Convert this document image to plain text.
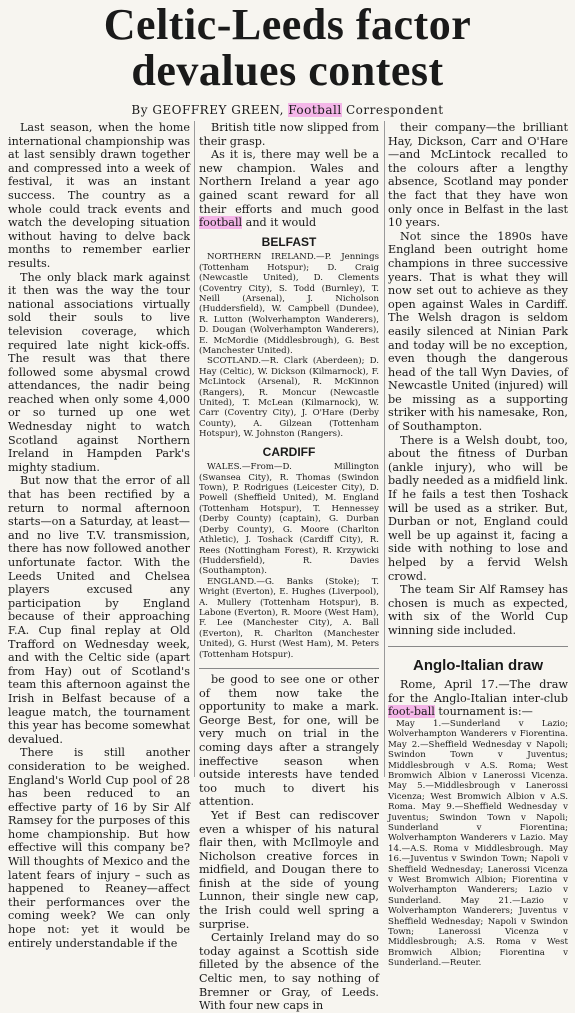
Celtic-Leeds factor
devalues contest
By GEOFFREY GREEN, Football Correspondent

Last season, when the home international championship was at last sensibly drawn together and compressed into a week of festival, it was an instant success. The country as a whole could track events and watch the developing situation without having to delve back months to remember earlier results.

The only black mark against it then was the way the tour national associations virtually sold their souls to live television coverage, which required late night kick-offs. The result was that there followed some abysmal crowd attendances, the nadir being reached when only some 4,000 or so turned up one wet Wednesday night to watch Scotland against Northern Ireland in Hampden Park's mighty stadium.

But now that the error of all that has been rectified by a return to normal afternoon starts—on a Saturday, at least—and no live T.V. transmission, there has now followed another unfortunate factor. With the Leeds United and Chelsea players excused any participation by England because of their approaching F.A. Cup final replay at Old Trafford on Wednesday week, and with the Celtic side (apart from Hay) out of Scotland's team this afternoon against the Irish in Belfast because of a league match, the tournament this year has become somewhat devalued.

There is still another consideration to be weighed. England's World Cup pool of 28 has been reduced to an effective party of 16 by Sir Alf Ramsey for the purposes of this home championship. But how effective will this company be? Will thoughts of Mexico and the latent fears of injury – such as happened to Reaney—affect their performances over the coming week? We can only hope not: yet it would be entirely understandable if the

British title now slipped from their grasp.

As it is, there may well be a new champion. Wales and Northern Ireland a year ago gained scant reward for all their efforts and much good football and it would

BELFAST

NORTHERN IRELAND.—P. Jennings (Tottenham Hotspur); D. Craig (Newcastle United), D. Clements (Coventry City), S. Todd (Burnley), T. Neill (Arsenal), J. Nicholson (Huddersfield), W. Campbell (Dundee), R. Lutton (Wolverhampton Wanderers), D. Dougan (Wolverhampton Wanderers), E. McMordie (Middlesbrough), G. Best (Manchester United).

SCOTLAND.—R. Clark (Aberdeen); D. Hay (Celtic), W. Dickson (Kilmarnock), F. McLintock (Arsenal), R. McKinnon (Rangers), R. Moncur (Newcastle United), T. McLean (Kilmarnock), W. Carr (Coventry City), J. O'Hare (Derby County), A. Gilzean (Tottenham Hotspur), W. Johnston (Rangers).

CARDIFF

WALES.—From—D. Millington (Swansea City), R. Thomas (Swindon Town), P. Rodrigues (Leicester City), D. Powell (Sheffield United), M. England (Tottenham Hotspur), T. Hennessey (Derby County) (captain), G. Durban (Derby County), G. Moore (Charlton Athletic), J. Toshack (Cardiff City), R. Rees (Nottingham Forest), R. Krzywicki (Huddersfield), R. Davies (Southampton).

ENGLAND.—G. Banks (Stoke); T. Wright (Everton), E. Hughes (Liverpool), A. Mullery (Tottenham Hotspur), B. Labone (Everton), R. Moore (West Ham), F. Lee (Manchester City), A. Ball (Everton), R. Charlton (Manchester United), G. Hurst (West Ham), M. Peters (Tottenham Hotspur).

be good to see one or other of them now take the opportunity to make a mark. George Best, for one, will be very much on trial in the coming days after a strangely ineffective season when outside interests have tended too much to divert his attention.

Yet if Best can rediscover even a whisper of his natural flair then, with McIlmoyle and Nicholson creative forces in midfield, and Dougan there to finish at the side of young Lunnon, their single new cap, the Irish could well spring a surprise.

Certainly Ireland may do so today against a Scottish side filleted by the absence of the Celtic men, to say nothing of Bremner or Gray, of Leeds. With four new caps in

their company—the brilliant Hay, Dickson, Carr and O'Hare—and McLintock recalled to the colours after a lengthy absence, Scotland may ponder the fact that they have won only once in Belfast in the last 10 years.

Not since the 1890s have England been outright home champions in three successive years. That is what they will now set out to achieve as they open against Wales in Cardiff. The Welsh dragon is seldom easily silenced at Ninian Park and today will be no exception, even though the dangerous head of the tall Wyn Davies, of Newcastle United (injured) will be missing as a supporting striker with his namesake, Ron, of Southampton.

There is a Welsh doubt, too, about the fitness of Durban (ankle injury), who will be badly needed as a midfield link. If he fails a test then Toshack will be used as a striker. But, Durban or not, England could well be up against it, facing a side with nothing to lose and helped by a fervid Welsh crowd.

The team Sir Alf Ramsey has chosen is much as expected, with six of the World Cup winning side included.

Anglo-Italian draw

Rome, April 17.—The draw for the Anglo-Italian inter-club foot-ball tournament is:—

May 1.—Sunderland v Lazio; Wolverhampton Wanderers v Fiorentina. May 2.—Sheffield Wednesday v Napoli; Swindon Town v Juventus; Middlesbrough v A.S. Roma; West Bromwich Albion v Lanerossi Vicenza. May 5.—Middlesbrough v Lanerossi Vicenza; West Bromwich Albion v A.S. Roma. May 9.—Sheffield Wednesday v Juventus; Swindon Town v Napoli; Sunderland v Fiorentina; Wolverhampton Wanderers v Lazio. May 14.—A.S. Roma v Middlesbrough. May 16.—Juventus v Swindon Town; Napoli v Sheffield Wednesday; Lanerossi Vicenza v West Bromwich Albion; Fiorentina v Wolverhampton Wanderers; Lazio v Sunderland. May 21.—Lazio v Wolverhampton Wanderers; Juventus v Sheffield Wednesday; Napoli v Swindon Town; Lanerossi Vicenza v Middlesbrough; A.S. Roma v West Bromwich Albion; Fiorentina v Sunderland.—Reuter.
